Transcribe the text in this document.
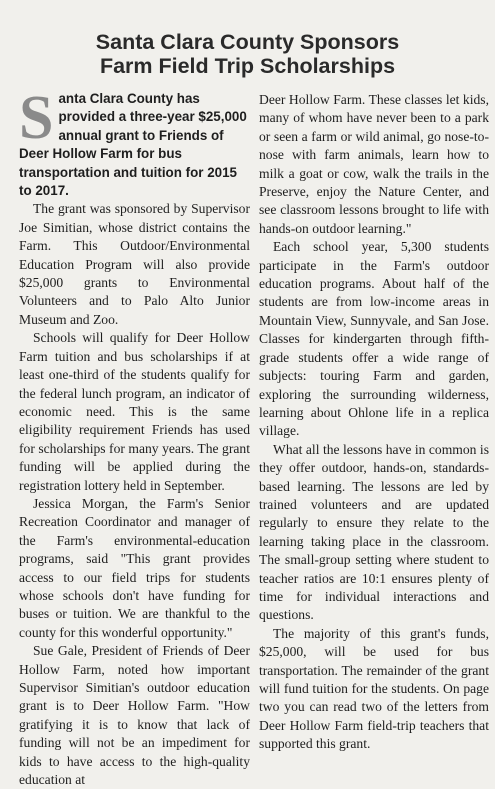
Santa Clara County Sponsors
Farm Field Trip Scholarships

Santa Clara County has provided a three-year $25,000 annual grant to Friends of Deer Hollow Farm for bus transportation and tuition for 2015 to 2017.

The grant was sponsored by Supervisor Joe Simitian, whose district contains the Farm. This Outdoor/Environmental Education Program will also provide $25,000 grants to Environmental Volunteers and to Palo Alto Junior Museum and Zoo.

Schools will qualify for Deer Hollow Farm tuition and bus scholarships if at least one-third of the students qualify for the federal lunch program, an indicator of economic need. This is the same eligibility requirement Friends has used for scholarships for many years. The grant funding will be applied during the registration lottery held in September.

Jessica Morgan, the Farm's Senior Recreation Coordinator and manager of the Farm's environmental-education programs, said "This grant provides access to our field trips for students whose schools don't have funding for buses or tuition. We are thankful to the county for this wonderful opportunity."

Sue Gale, President of Friends of Deer Hollow Farm, noted how important Supervisor Simitian's outdoor education grant is to Deer Hollow Farm. "How gratifying it is to know that lack of funding will not be an impediment for kids to have access to the high-quality education at

Deer Hollow Farm. These classes let kids, many of whom have never been to a park or seen a farm or wild animal, go nose-to-nose with farm animals, learn how to milk a goat or cow, walk the trails in the Preserve, enjoy the Nature Center, and see classroom lessons brought to life with hands-on outdoor learning."

Each school year, 5,300 students participate in the Farm's outdoor education programs. About half of the students are from low-income areas in Mountain View, Sunnyvale, and San Jose. Classes for kindergarten through fifth-grade students offer a wide range of subjects: touring Farm and garden, exploring the surrounding wilderness, learning about Ohlone life in a replica village.

What all the lessons have in common is they offer outdoor, hands-on, standards-based learning. The lessons are led by trained volunteers and are updated regularly to ensure they relate to the learning taking place in the classroom. The small-group setting where student to teacher ratios are 10:1 ensures plenty of time for individual interactions and questions.

The majority of this grant's funds, $25,000, will be used for bus transportation. The remainder of the grant will fund tuition for the students. On page two you can read two of the letters from Deer Hollow Farm field-trip teachers that supported this grant.
